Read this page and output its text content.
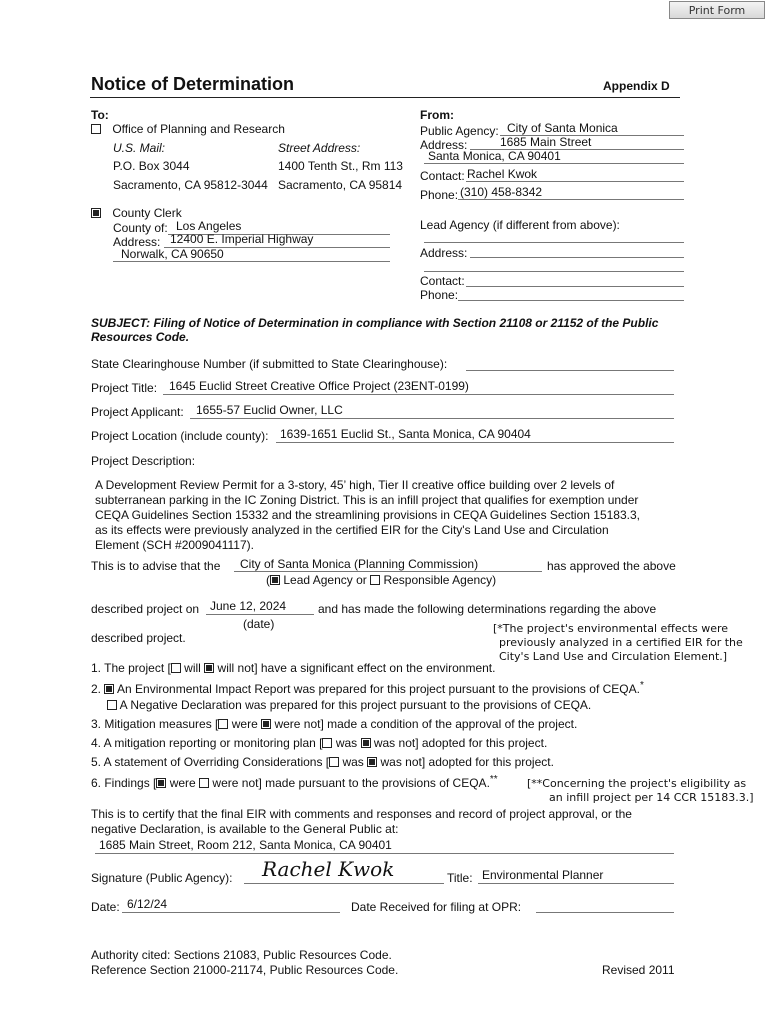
Print Form
Notice of Determination	Appendix D
To:
Office of Planning and Research
U.S. Mail:	Street Address:
P.O. Box 3044	1400 Tenth St., Rm 113
Sacramento, CA 95812-3044 Sacramento, CA 95814
County Clerk
County of: Los Angeles
Address: 12400 E. Imperial Highway
Norwalk, CA 90650
From:
Public Agency: City of Santa Monica
Address:	1685 Main Street
Santa Monica, CA 90401
Contact: Rachel Kwok
Phone: (310) 458-8342
Lead Agency (if different from above):
Address:
Contact:
Phone:
SUBJECT: Filing of Notice of Determination in compliance with Section 21108 or 21152 of the Public
Resources Code.
State Clearinghouse Number (if submitted to State Clearinghouse):
Project Title: 1645 Euclid Street Creative Office Project (23ENT-0199)
Project Applicant: 1655-57 Euclid Owner, LLC
Project Location (include county): 1639-1651 Euclid St., Santa Monica, CA 90404
Project Description:
A Development Review Permit for a 3-story, 45’ high, Tier II creative office building over 2 levels of
subterranean parking in the IC Zoning District. This is an infill project that qualifies for exemption under
CEQA Guidelines Section 15332 and the streamlining provisions in CEQA Guidelines Section 15183.3,
as its effects were previously analyzed in the certified EIR for the City's Land Use and Circulation
Element (SCH #2009041117).
This is to advise that the City of Santa Monica (Planning Commission)	has approved the above
( Lead Agency or Responsible Agency)
described project on June 12, 2024
(date)
and has made the following determinations regarding the above
described project.
[*The project's environmental effects were
previously analyzed in a certified EIR for the
City's Land Use and Circulation Element.]
1. The project [ will will not] have a significant effect on the environment.
2. An Environmental Impact Report was prepared for this project pursuant to the provisions of CEQA.*
A Negative Declaration was prepared for this project pursuant to the provisions of CEQA.
3. Mitigation measures [ were were not] made a condition of the approval of the project.
4. A mitigation reporting or monitoring plan [ was was not] adopted for this project.
5. A statement of Overriding Considerations [ was was not] adopted for this project.
6. Findings [ were were not] made pursuant to the provisions of CEQA.**	[**Concerning the project's eligibility as
an infill project per 14 CCR 15183.3.]
This is to certify that the final EIR with comments and responses and record of project approval, or the
negative Declaration, is available to the General Public at:
1685 Main Street, Room 212, Santa Monica, CA 90401
Signature (Public Agency): Rachel Kwok	Title: Environmental Planner
Date: 6/12/24	Date Received for filing at OPR:
Authority cited: Sections 21083, Public Resources Code.
Reference Section 21000-21174, Public Resources Code.	Revised 2011
